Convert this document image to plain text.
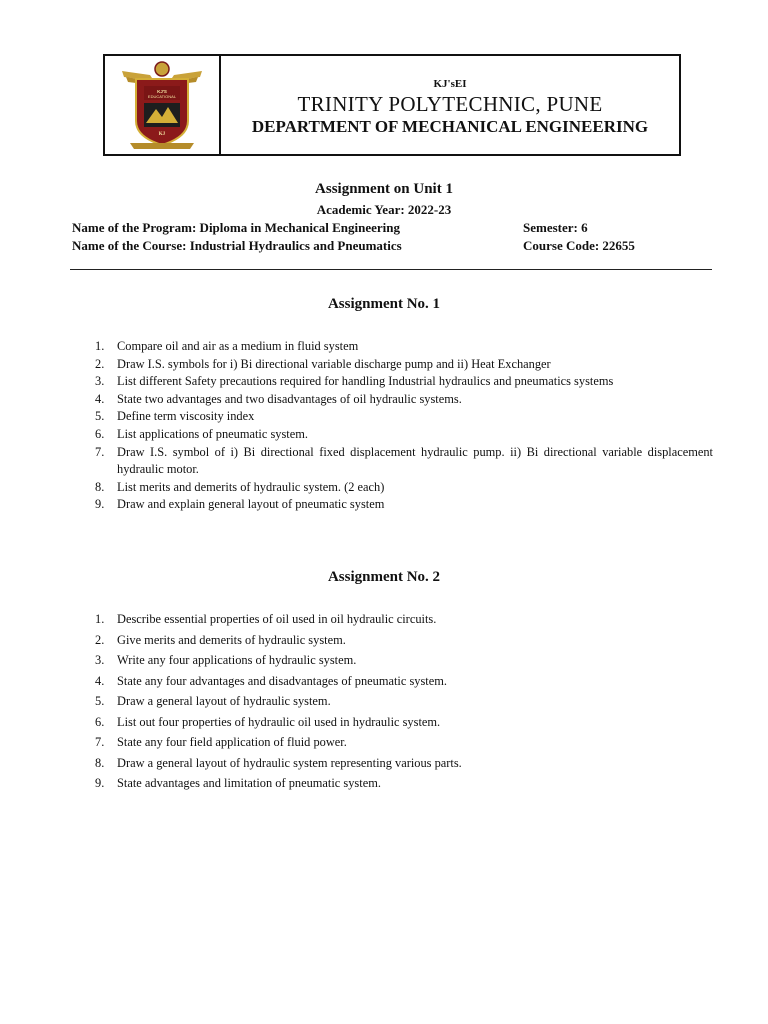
KJ'S
EDUCATIONAL
KJ
KJ'sEI
TRINITY POLYTECHNIC, PUNE
DEPARTMENT OF MECHANICAL ENGINEERING
Assignment on Unit 1
Academic Year: 2022-23
Name of the Program: Diploma in Mechanical Engineering	Semester: 6
Name of the Course: Industrial Hydraulics and Pneumatics	Course Code: 22655
Assignment No. 1
1. Compare oil and air as a medium in fluid system
2. Draw I.S. symbols for i) Bi directional variable discharge pump and ii) Heat Exchanger
3. List different Safety precautions required for handling Industrial hydraulics and pneumatics systems
4. State two advantages and two disadvantages of oil hydraulic systems.
5. Define term viscosity index
6. List applications of pneumatic system.
7. Draw I.S. symbol of i) Bi directional fixed displacement hydraulic pump. ii) Bi directional variable displacement hydraulic motor.
8. List merits and demerits of hydraulic system. (2 each)
9. Draw and explain general layout of pneumatic system
Assignment No. 2
1. Describe essential properties of oil used in oil hydraulic circuits.
2. Give merits and demerits of hydraulic system.
3. Write any four applications of hydraulic system.
4. State any four advantages and disadvantages of pneumatic system.
5. Draw a general layout of hydraulic system.
6. List out four properties of hydraulic oil used in hydraulic system.
7. State any four field application of fluid power.
8. Draw a general layout of hydraulic system representing various parts.
9. State advantages and limitation of pneumatic system.
